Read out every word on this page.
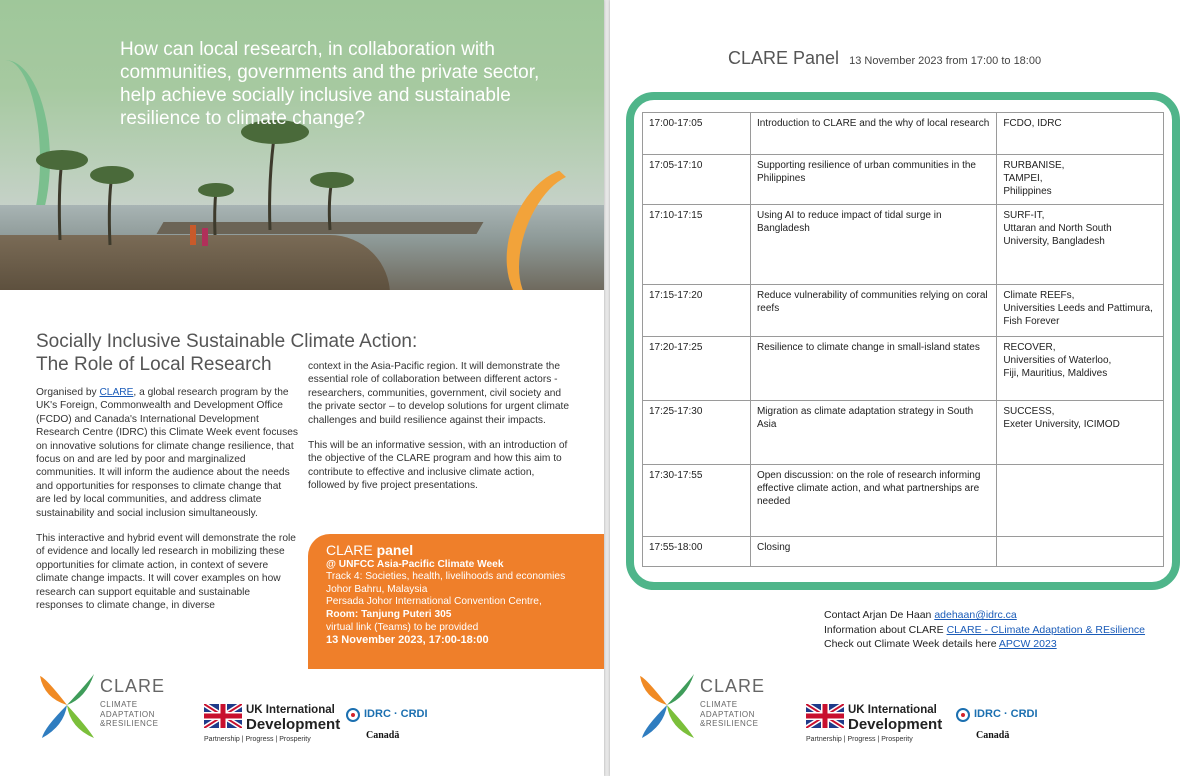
How can local research, in collaboration with communities, governments and the private sector, help achieve socially inclusive and sustainable resilience to climate change?
Socially Inclusive Sustainable Climate Action:
The Role of Local Research

Organised by CLARE, a global research program by the UK's Foreign, Commonwealth and Development Office (FCDO) and Canada's International Development Research Centre (IDRC) this Climate Week event focuses on innovative solutions for climate change resilience, that focus on and are led by poor and marginalized communities. It will inform the audience about the needs and opportunities for responses to climate change that are led by local communities, and address climate sustainability and social inclusion simultaneously.

This interactive and hybrid event will demonstrate the role of evidence and locally led research in mobilizing these opportunities for climate action, in context of severe climate change impacts. It will cover examples on how research can support equitable and sustainable responses to climate change, in diverse

context in the Asia-Pacific region. It will demonstrate the essential role of collaboration between different actors - researchers, communities, government, civil society and the private sector – to develop solutions for urgent climate challenges and build resilience against their impacts.

This will be an informative session, with an introduction of the objective of the CLARE program and how this aim to contribute to effective and inclusive climate action, followed by five project presentations.

CLARE panel
@ UNFCC Asia-Pacific Climate Week
Track 4: Societies, health, livelihoods and economies
Johor Bahru, Malaysia
Persada Johor International Convention Centre,
Room: Tanjung Puteri 305
virtual link (Teams) to be provided
13 November 2023, 17:00-18:00
CLARE
CLIMATE
ADAPTATION
&RESILIENCE
UK International
Development
Partnership | Progress | Prosperity
IDRC · CRDI
Canadä
CLARE Panel 13 November 2023 from 17:00 to 18:00
17:00-17:05	Introduction to CLARE and the why of local research	FCDO, IDRC
17:05-17:10	Supporting resilience of urban communities in the Philippines	RURBANISE,
TAMPEI,
Philippines
17:10-17:15	Using AI to reduce impact of tidal surge in Bangladesh	SURF-IT,
Uttaran and North South University, Bangladesh
17:15-17:20	Reduce vulnerability of communities relying on coral reefs	Climate REEFs,
Universities Leeds and Pattimura, Fish Forever
17:20-17:25	Resilience to climate change in small-island states	RECOVER,
Universities of Waterloo,
Fiji, Mauritius, Maldives
17:25-17:30	Migration as climate adaptation strategy in South Asia	SUCCESS,
Exeter University, ICIMOD
17:30-17:55	Open discussion: on the role of research informing effective climate action, and what partnerships are needed	
17:55-18:00	Closing	
Contact Arjan De Haan adehaan@idrc.ca
Information about CLARE CLARE - CLimate Adaptation & REsilience
Check out Climate Week details here APCW 2023
CLARE
CLIMATE
ADAPTATION
&RESILIENCE
UK International
Development
Partnership | Progress | Prosperity
IDRC · CRDI
Canadä
